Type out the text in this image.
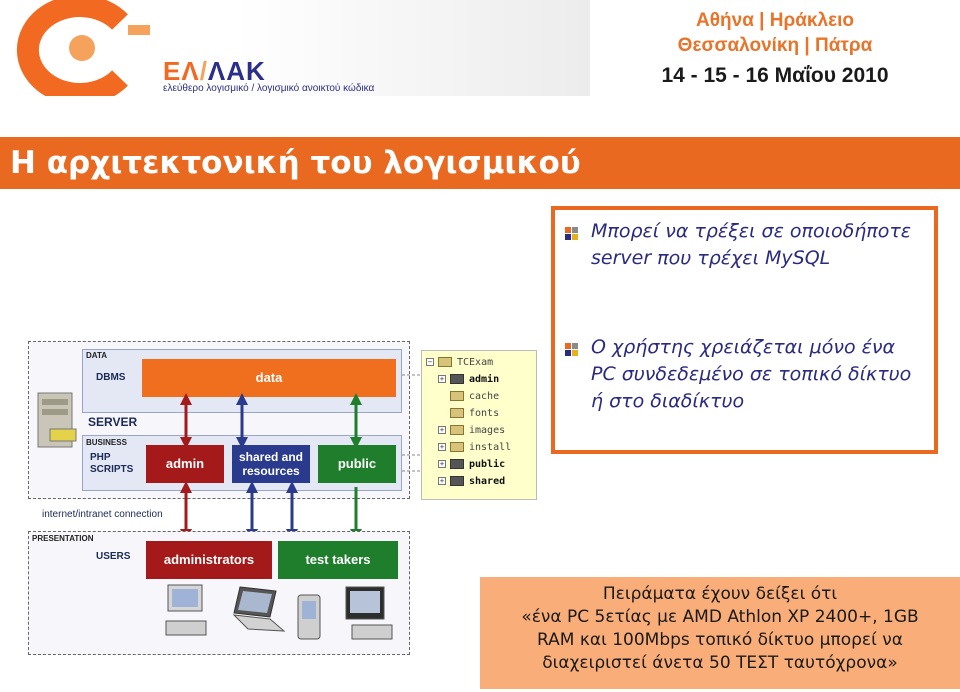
ΕΛ/ΛΑΚ
ελεύθερο λογισμικό / λογισμικό ανοικτού κώδικα
Αθήνα | Ηράκλειο
Θεσσαλονίκη | Πάτρα
14 - 15 - 16 Μαΐου 2010
Η αρχιτεκτονική του λογισμικού
Μπορεί να τρέξει σε οποιοδήποτε server που τρέχει MySQL
Ο χρήστης χρειάζεται μόνο ένα PC συνδεδεμένο σε τοπικό δίκτυο ή στο διαδίκτυο
DATA
DBMS	data
SERVER
BUSINESS
PHP
SCRIPTS	admin	shared and
resources	public
internet/intranet connection
PRESENTATION
USERS	administrators	test takers
− TCExam
+ admin
cache
fonts
+ images
+ install
+ public
+ shared
Πειράματα έχουν δείξει ότι
«ένα PC 5ετίας με AMD Athlon XP 2400+, 1GB
RAM και 100Mbps τοπικό δίκτυο μπορεί να
διαχειριστεί άνετα 50 ΤΕΣΤ ταυτόχρονα»
